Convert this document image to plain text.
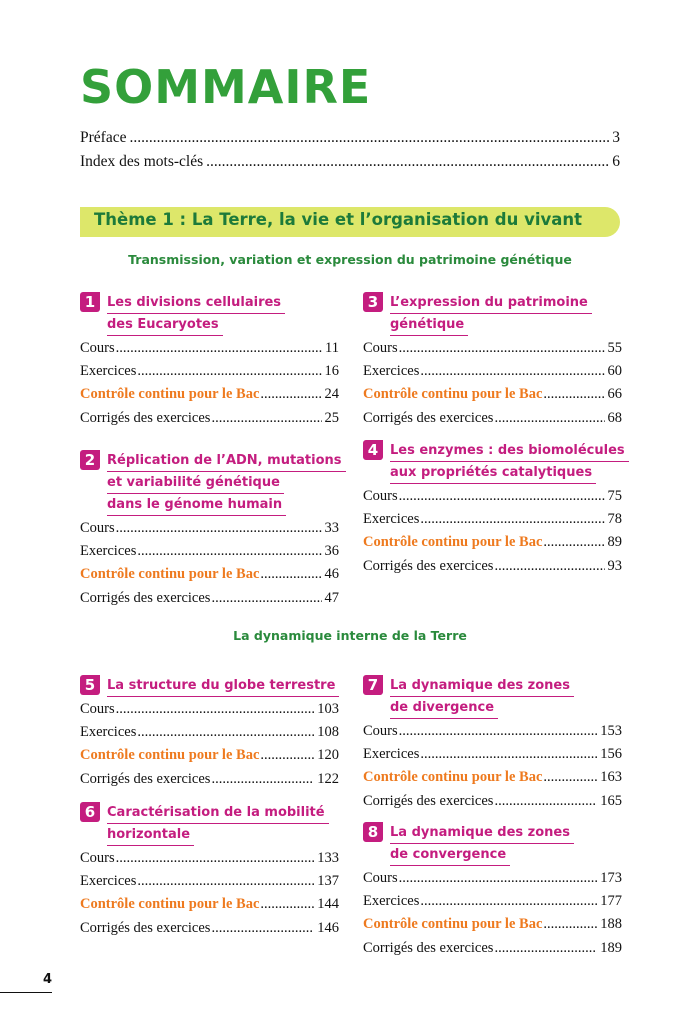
SOMMAIRE
Préface .....	3
Index des mots-clés .....	6
Thème 1 : La Terre, la vie et l’organisation du vivant
Transmission, variation et expression du patrimoine génétique
La dynamique interne de la Terre
1 Les divisions cellulaires
des Eucaryotes
Cours .....	11
Exercices .....	16
Contrôle continu pour le Bac .....	24
Corrigés des exercices .....	25
2 Réplication de l’ADN, mutations
et variabilité génétique
dans le génome humain
Cours .....	33
Exercices .....	36
Contrôle continu pour le Bac .....	46
Corrigés des exercices .....	47
3 L’expression du patrimoine
génétique
Cours .....	55
Exercices .....	60
Contrôle continu pour le Bac .....	66
Corrigés des exercices .....	68
4 Les enzymes : des biomolécules
aux propriétés catalytiques
Cours .....	75
Exercices .....	78
Contrôle continu pour le Bac .....	89
Corrigés des exercices .....	93
5 La structure du globe terrestre
Cours .....	103
Exercices .....	108
Contrôle continu pour le Bac .....	120
Corrigés des exercices .....	122
6 Caractérisation de la mobilité
horizontale
Cours .....	133
Exercices .....	137
Contrôle continu pour le Bac .....	144
Corrigés des exercices .....	146
7 La dynamique des zones
de divergence
Cours .....	153
Exercices .....	156
Contrôle continu pour le Bac .....	163
Corrigés des exercices .....	165
8 La dynamique des zones
de convergence
Cours .....	173
Exercices .....	177
Contrôle continu pour le Bac .....	188
Corrigés des exercices .....	189
4
